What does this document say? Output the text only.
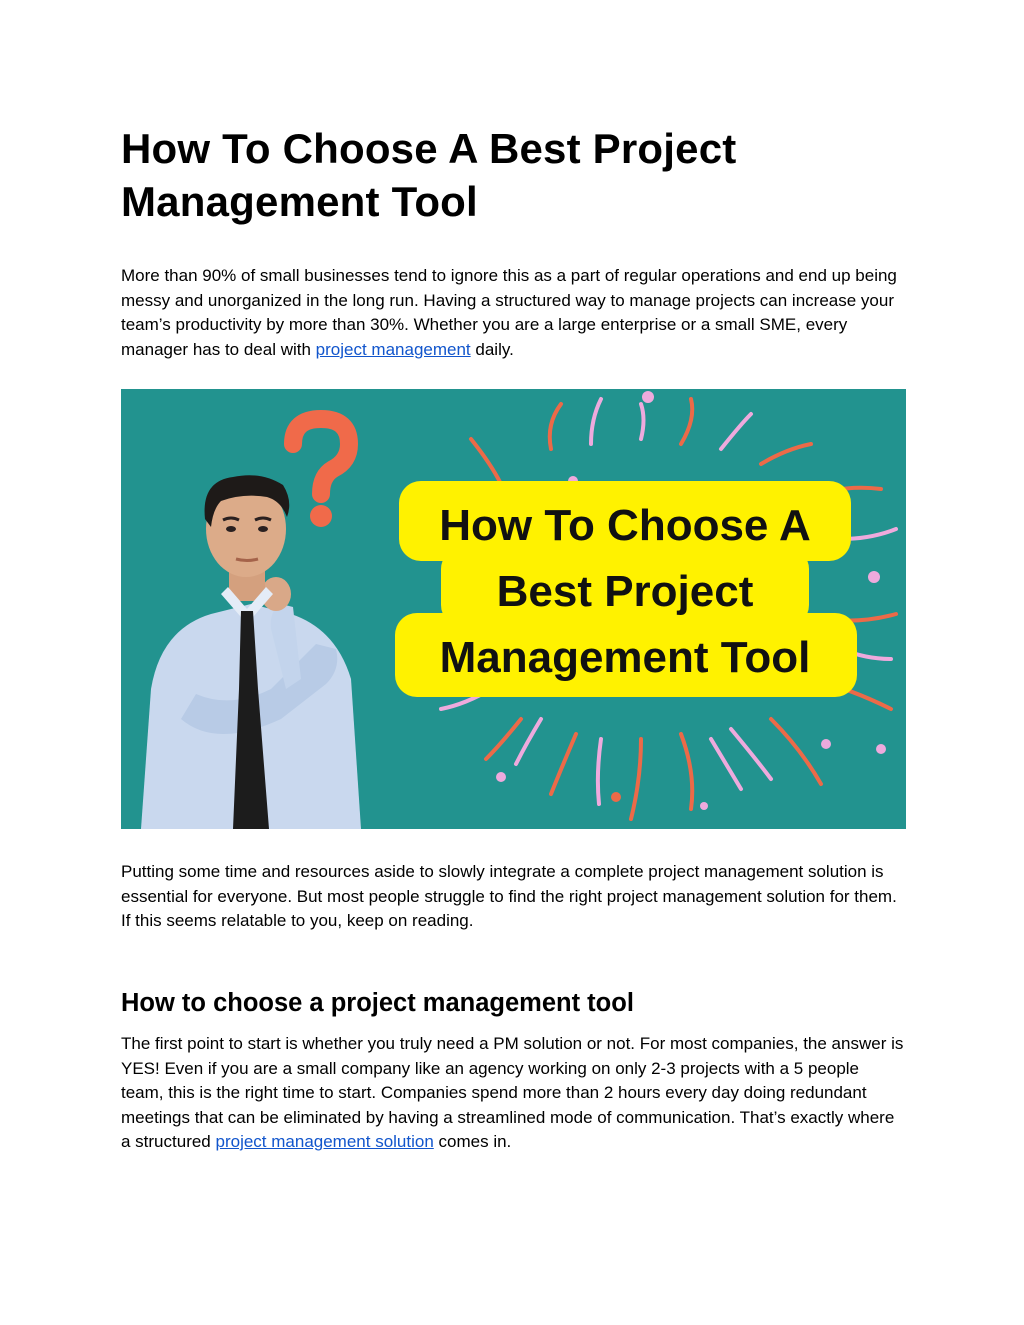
How To Choose A Best Project Management Tool

More than 90% of small businesses tend to ignore this as a part of regular operations and end up being messy and unorganized in the long run. Having a structured way to manage projects can increase your team’s productivity by more than 30%. Whether you are a large enterprise or a small SME, every manager has to deal with project management daily.

How To Choose A
Best Project
Management Tool

Putting some time and resources aside to slowly integrate a complete project management solution is essential for everyone. But most people struggle to find the right project management solution for them. If this seems relatable to you, keep on reading.

How to choose a project management tool

The first point to start is whether you truly need a PM solution or not. For most companies, the answer is YES! Even if you are a small company like an agency working on only 2-3 projects with a 5 people team, this is the right time to start. Companies spend more than 2 hours every day doing redundant meetings that can be eliminated by having a streamlined mode of communication. That’s exactly where a structured project management solution comes in.
